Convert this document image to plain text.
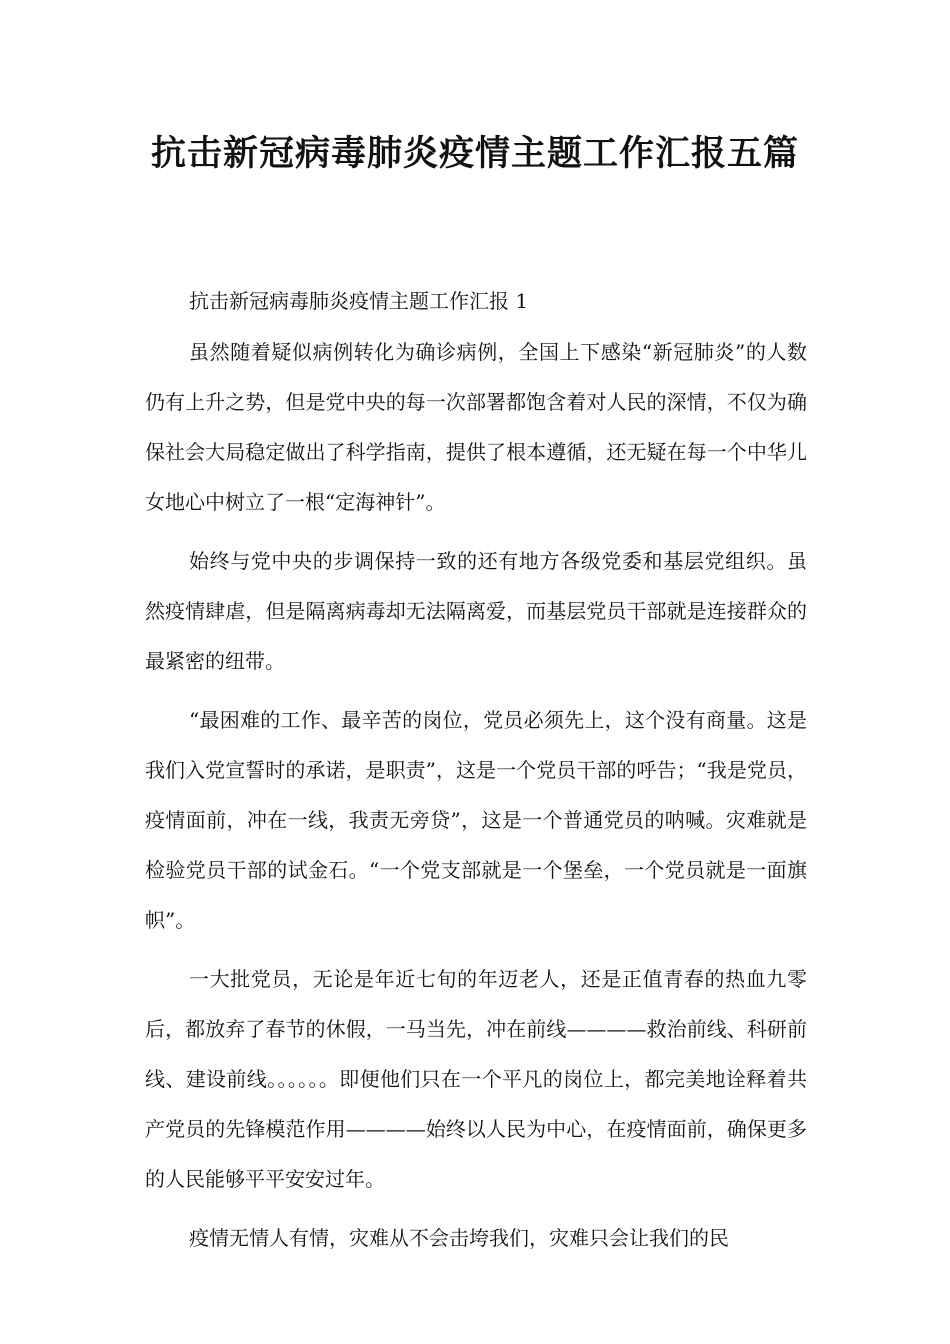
抗击新冠病毒肺炎疫情主题工作汇报五篇

抗击新冠病毒肺炎疫情主题工作汇报 1

虽然随着疑似病例转化为确诊病例，全国上下感染“新冠肺炎”的人数仍有上升之势，但是党中央的每一次部署都饱含着对人民的深情，不仅为确保社会大局稳定做出了科学指南，提供了根本遵循，还无疑在每一个中华儿女地心中树立了一根“定海神针”。

始终与党中央的步调保持一致的还有地方各级党委和基层党组织。虽然疫情肆虐，但是隔离病毒却无法隔离爱，而基层党员干部就是连接群众的最紧密的纽带。

“最困难的工作、最辛苦的岗位，党员必须先上，这个没有商量。这是我们入党宣誓时的承诺，是职责”，这是一个党员干部的呼告；“我是党员，疫情面前，冲在一线，我责无旁贷”，这是一个普通党员的呐喊。灾难就是检验党员干部的试金石。“一个党支部就是一个堡垒，一个党员就是一面旗帜”。

一大批党员，无论是年近七旬的年迈老人，还是正值青春的热血九零后，都放弃了春节的休假，一马当先，冲在前线————救治前线、科研前线、建设前线。。。。。。即便他们只在一个平凡的岗位上，都完美地诠释着共产党员的先锋模范作用————始终以人民为中心，在疫情面前，确保更多的人民能够平平安安过年。

疫情无情人有情，灾难从不会击垮我们，灾难只会让我们的民
